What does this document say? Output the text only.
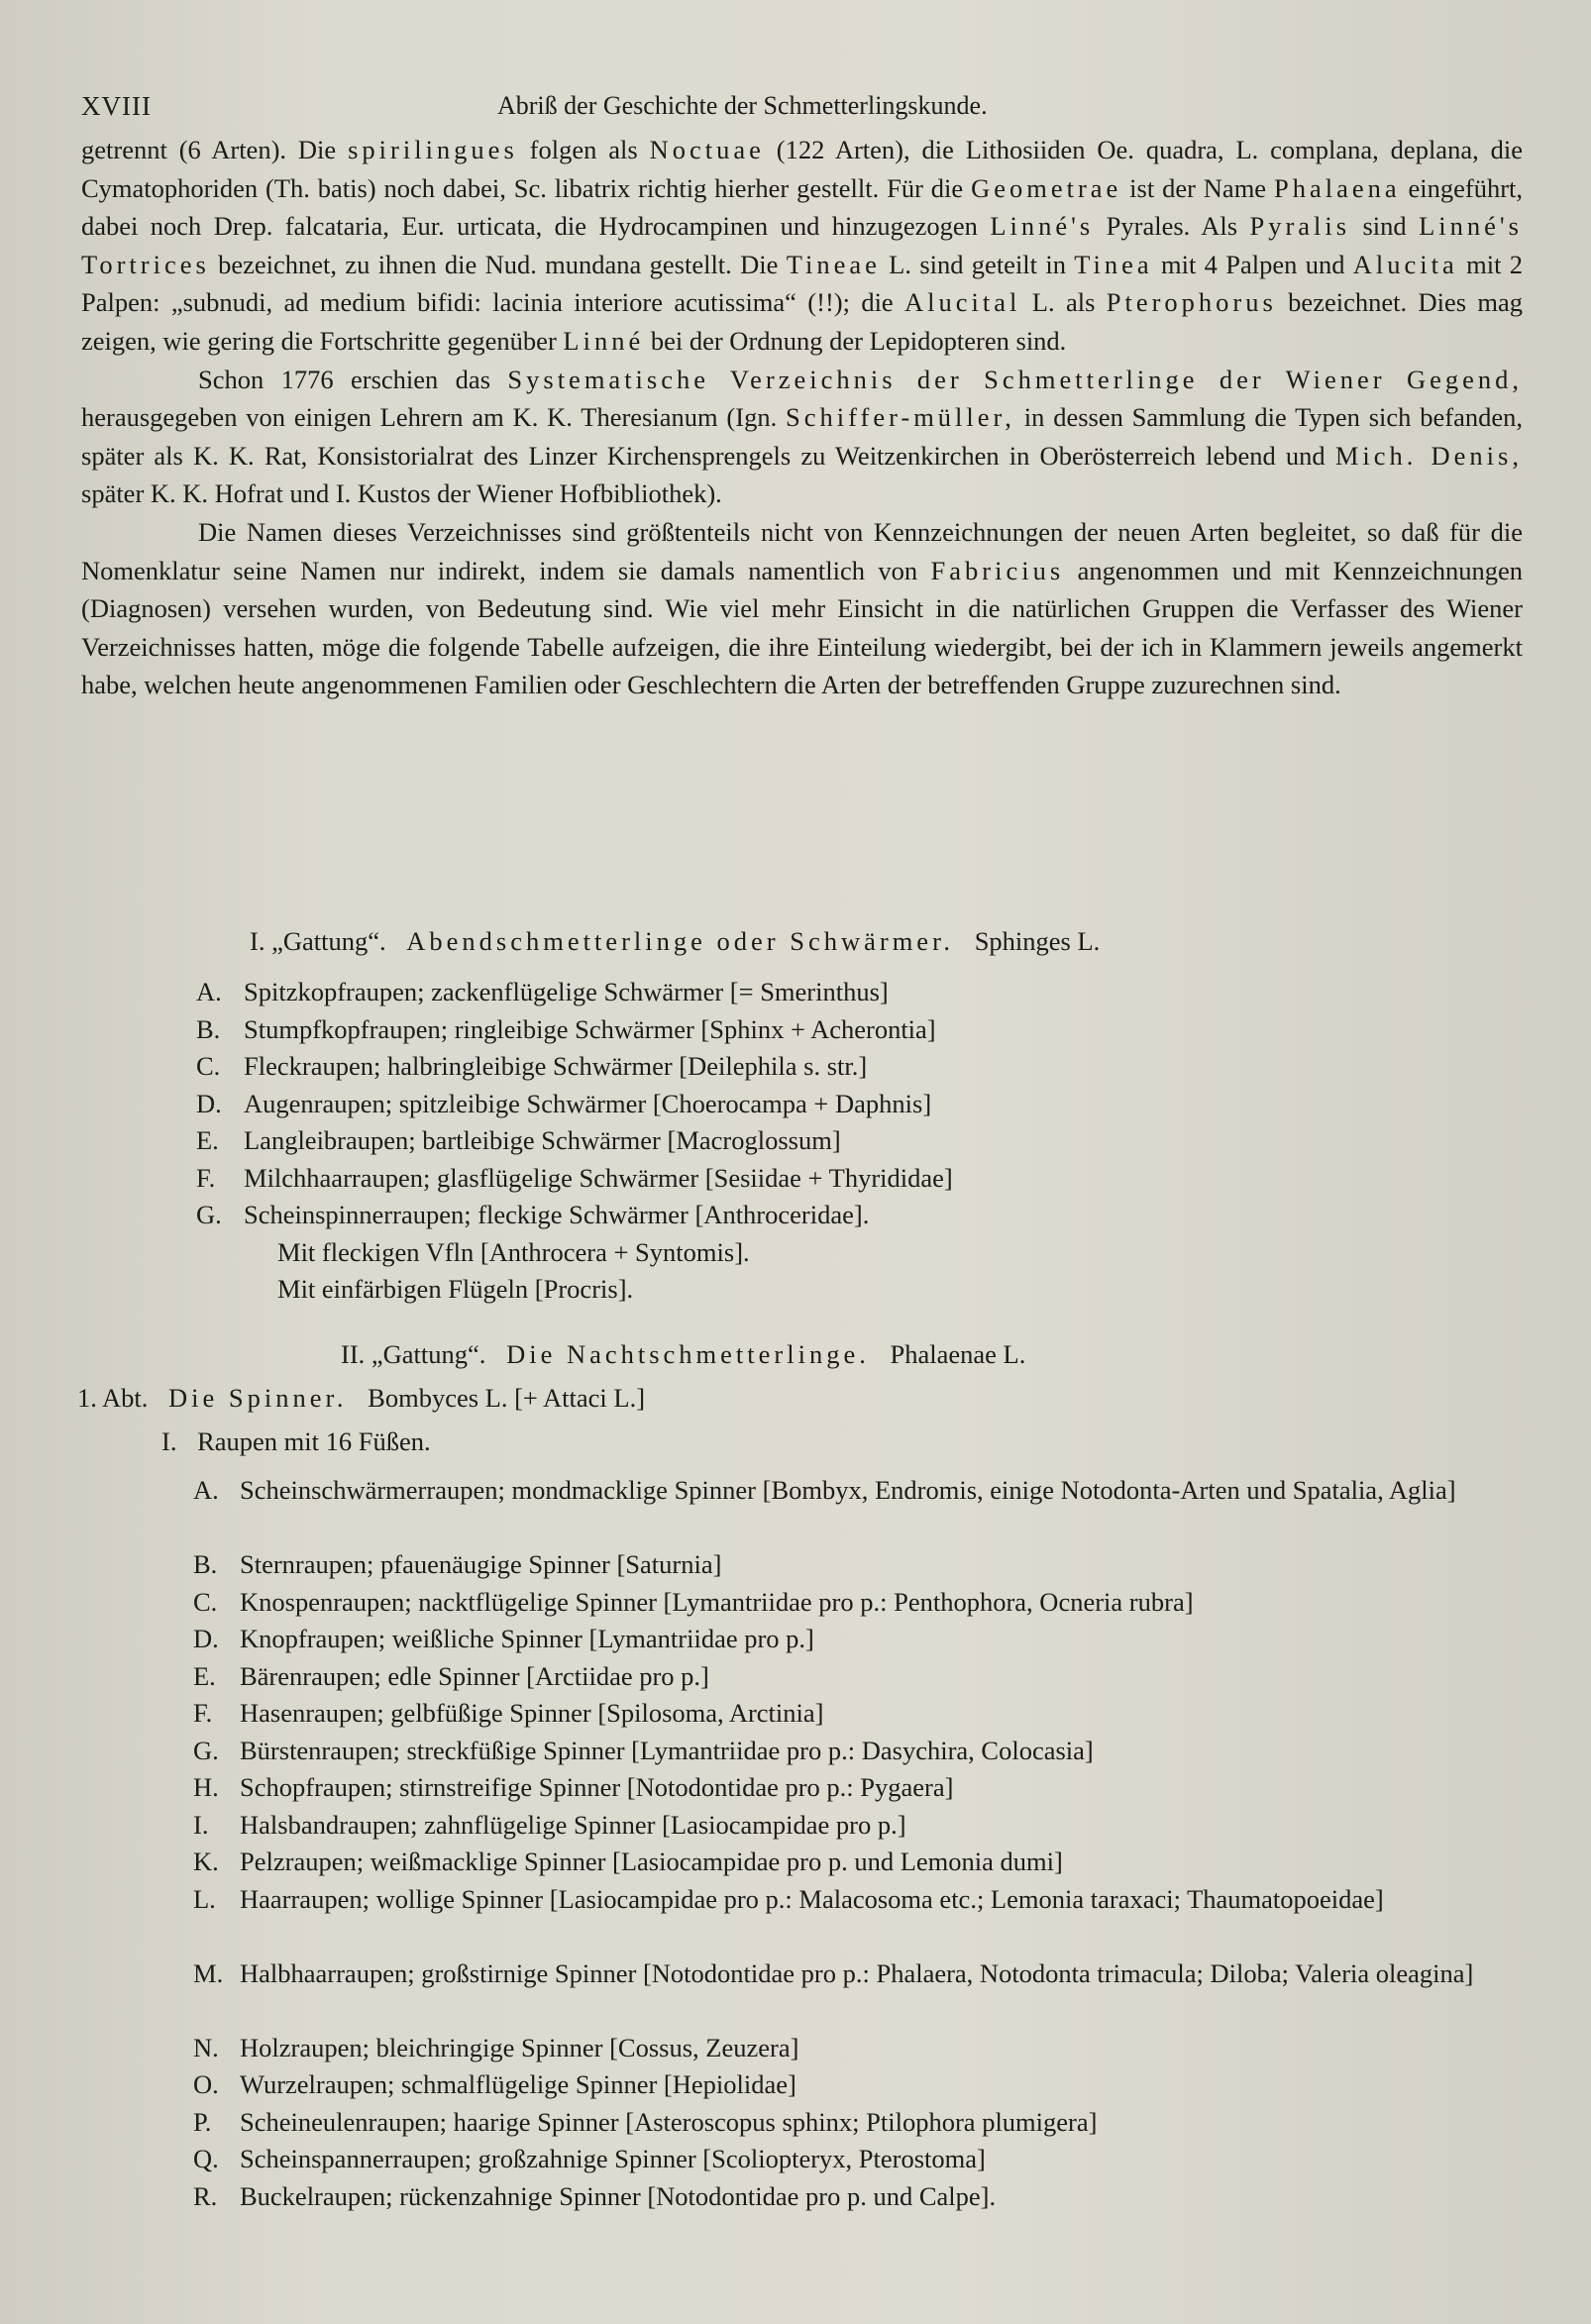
XVIII	Abriß der Geschichte der Schmetterlingskunde.

getrennt (6 Arten). Die spirilingues folgen als Noctuae (122 Arten), die Lithosiiden Oe. quadra, L. complana, deplana, die Cymatophoriden (Th. batis) noch dabei, Sc. libatrix richtig hierher gestellt. Für die Geometrae ist der Name Phalaena eingeführt, dabei noch Drep. falcataria, Eur. urticata, die Hydrocampinen und hinzugezogen Linné's Pyrales. Als Pyralis sind Linné's Tortrices bezeichnet, zu ihnen die Nud. mundana gestellt. Die Tineae L. sind geteilt in Tinea mit 4 Palpen und Alucita mit 2 Palpen: „subnudi, ad medium bifidi: lacinia interiore acutissima“ (!!); die Alucital L. als Pterophorus bezeichnet. Dies mag zeigen, wie gering die Fortschritte gegenüber Linné bei der Ordnung der Lepidopteren sind.

Schon 1776 erschien das Systematische Verzeichnis der Schmetterlinge der Wiener Gegend, herausgegeben von einigen Lehrern am K. K. Theresianum (Ign. Schiffer-müller, in dessen Sammlung die Typen sich befanden, später als K. K. Rat, Konsistorialrat des Linzer Kirchensprengels zu Weitzenkirchen in Oberösterreich lebend und Mich. Denis, später K. K. Hofrat und I. Kustos der Wiener Hofbibliothek).

Die Namen dieses Verzeichnisses sind größtenteils nicht von Kennzeichnungen der neuen Arten begleitet, so daß für die Nomenklatur seine Namen nur indirekt, indem sie damals namentlich von Fabricius angenommen und mit Kennzeichnungen (Diagnosen) versehen wurden, von Bedeutung sind. Wie viel mehr Einsicht in die natürlichen Gruppen die Verfasser des Wiener Verzeichnisses hatten, möge die folgende Tabelle aufzeigen, die ihre Einteilung wiedergibt, bei der ich in Klammern jeweils angemerkt habe, welchen heute angenommenen Familien oder Geschlechtern die Arten der betreffenden Gruppe zuzurechnen sind.

I. „Gattung“. Abendschmetterlinge oder Schwärmer. Sphinges L.
A. Spitzkopfraupen; zackenflügelige Schwärmer [= Smerinthus]
B. Stumpfkopfraupen; ringleibige Schwärmer [Sphinx + Acherontia]
C. Fleckraupen; halbringleibige Schwärmer [Deilephila s. str.]
D. Augenraupen; spitzleibige Schwärmer [Choerocampa + Daphnis]
E. Langleibraupen; bartleibige Schwärmer [Macroglossum]
F. Milchhaarraupen; glasflügelige Schwärmer [Sesiidae + Thyrididae]
G. Scheinspinnerraupen; fleckige Schwärmer [Anthroceridae].
Mit fleckigen Vfln [Anthrocera + Syntomis].
Mit einfärbigen Flügeln [Procris].
II. „Gattung“. Die Nachtschmetterlinge. Phalaenae L.
1. Abt. Die Spinner. Bombyces L. [+ Attaci L.]
I. Raupen mit 16 Füßen.
A. Scheinschwärmerraupen; mondmacklige Spinner [Bombyx, Endromis, einige Notodonta-Arten und Spatalia, Aglia]
B. Sternraupen; pfauenäugige Spinner [Saturnia]
C. Knospenraupen; nacktflügelige Spinner [Lymantriidae pro p.: Penthophora, Ocneria rubra]
D. Knopfraupen; weißliche Spinner [Lymantriidae pro p.]
E. Bärenraupen; edle Spinner [Arctiidae pro p.]
F. Hasenraupen; gelbfüßige Spinner [Spilosoma, Arctinia]
G. Bürstenraupen; streckfüßige Spinner [Lymantriidae pro p.: Dasychira, Colocasia]
H. Schopfraupen; stirnstreifige Spinner [Notodontidae pro p.: Pygaera]
I. Halsbandraupen; zahnflügelige Spinner [Lasiocampidae pro p.]
K. Pelzraupen; weißmacklige Spinner [Lasiocampidae pro p. und Lemonia dumi]
L. Haarraupen; wollige Spinner [Lasiocampidae pro p.: Malacosoma etc.; Lemonia taraxaci; Thaumatopoeidae]
M. Halbhaarraupen; großstirnige Spinner [Notodontidae pro p.: Phalaera, Notodonta trimacula; Diloba; Valeria oleagina]
N. Holzraupen; bleichringige Spinner [Cossus, Zeuzera]
O. Wurzelraupen; schmalflügelige Spinner [Hepiolidae]
P. Scheineulenraupen; haarige Spinner [Asteroscopus sphinx; Ptilophora plumigera]
Q. Scheinspannerraupen; großzahnige Spinner [Scoliopteryx, Pterostoma]
R. Buckelraupen; rückenzahnige Spinner [Notodontidae pro p. und Calpe].
